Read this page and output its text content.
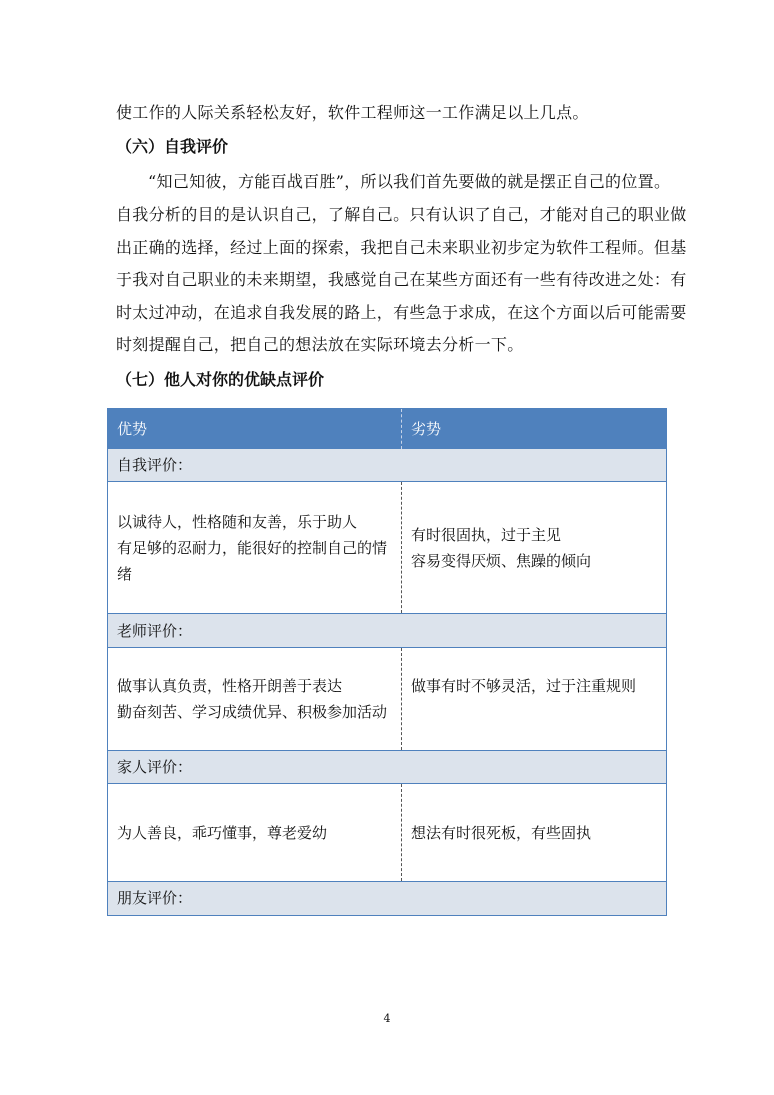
使工作的人际关系轻松友好，软件工程师这一工作满足以上几点。
（六）自我评价
“知己知彼，方能百战百胜”，所以我们首先要做的就是摆正自己的位置。
自我分析的目的是认识自己，了解自己。只有认识了自己，才能对自己的职业做
出正确的选择，经过上面的探索，我把自己未来职业初步定为软件工程师。但基
于我对自己职业的未来期望，我感觉自己在某些方面还有一些有待改进之处：有
时太过冲动，在追求自我发展的路上，有些急于求成，在这个方面以后可能需要
时刻提醒自己，把自己的想法放在实际环境去分析一下。
（七）他人对你的优缺点评价
优势	劣势
自我评价：
以诚待人，性格随和友善，乐于助人
有足够的忍耐力，能很好的控制自己的情
绪
有时很固执，过于主见
容易变得厌烦、焦躁的倾向
老师评价：
做事认真负责，性格开朗善于表达
勤奋刻苦、学习成绩优异、积极参加活动
做事有时不够灵活，过于注重规则
家人评价：
为人善良，乖巧懂事，尊老爱幼	想法有时很死板，有些固执
朋友评价：
4
